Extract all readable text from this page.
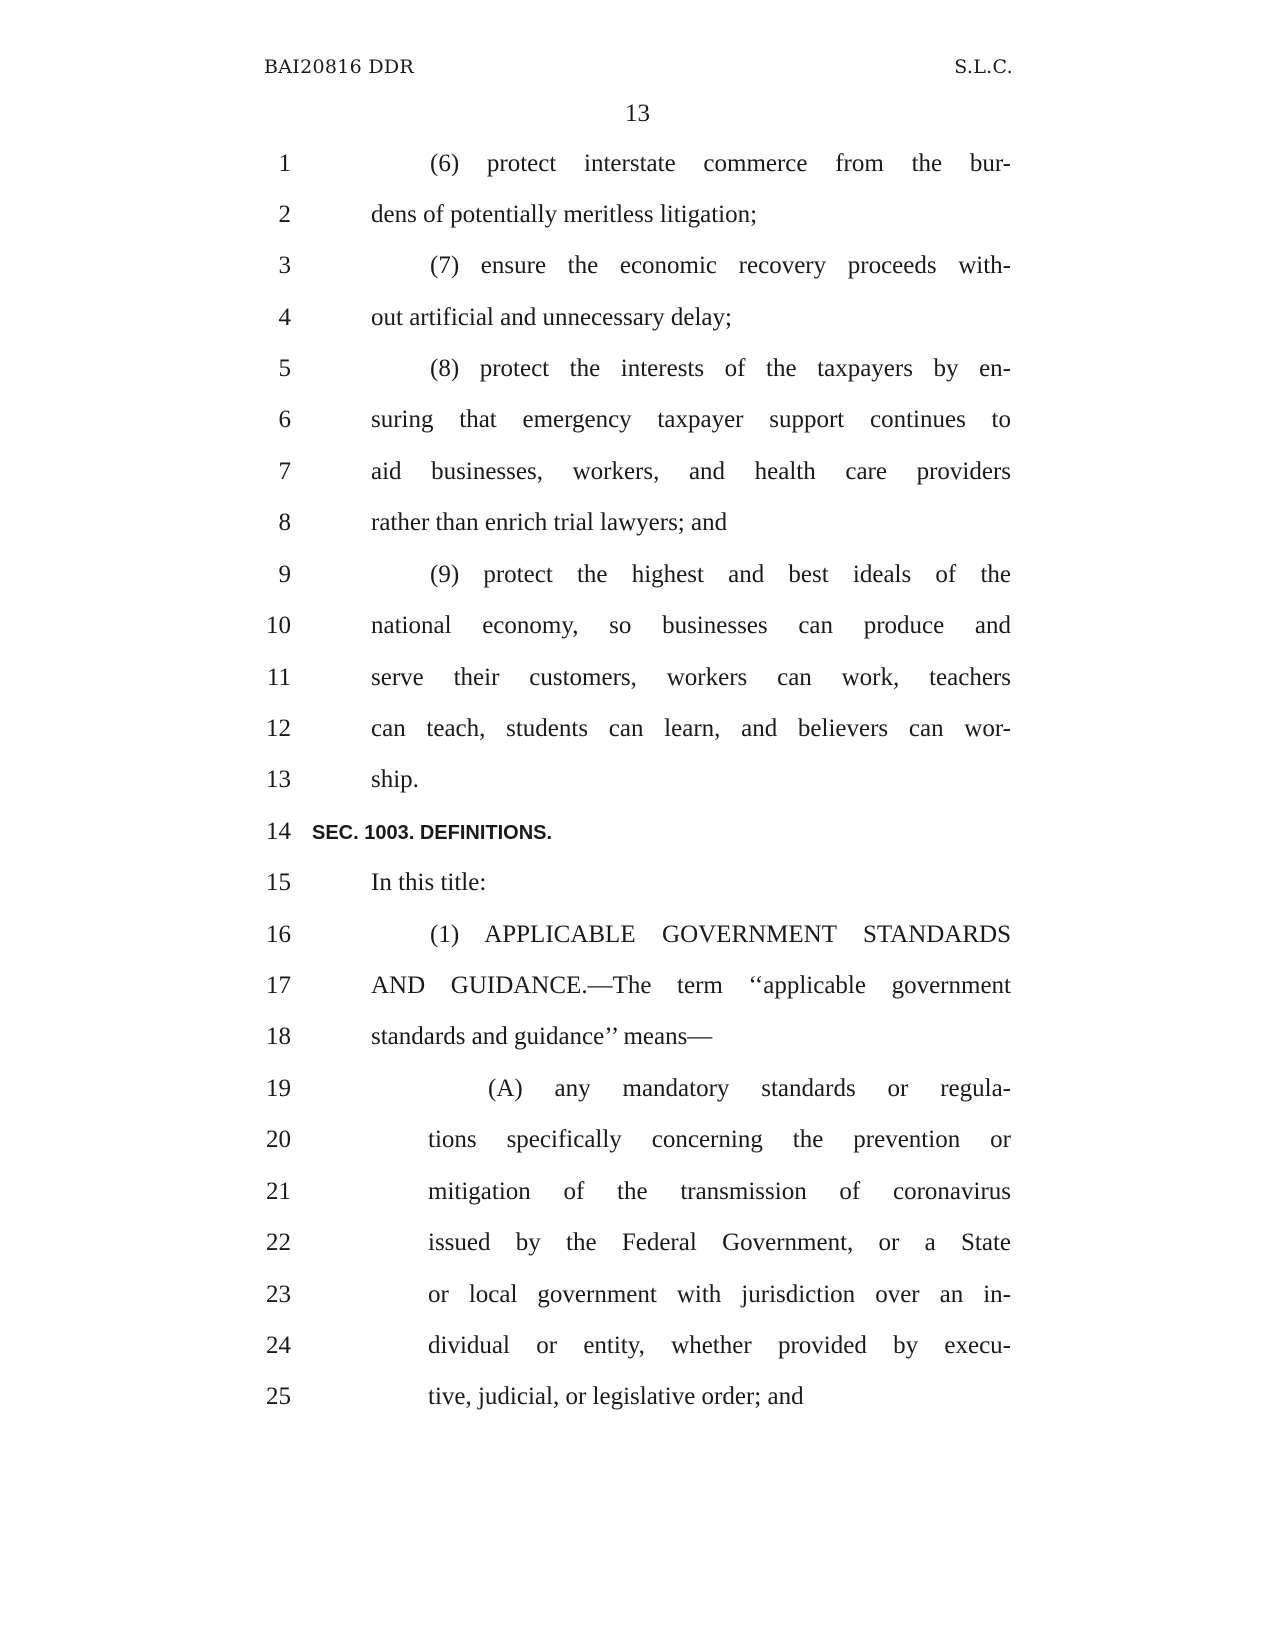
BAI20816 DDR	S.L.C.
13
1	(6) protect interstate commerce from the bur-
2	dens of potentially meritless litigation;
3	(7) ensure the economic recovery proceeds with-
4	out artificial and unnecessary delay;
5	(8) protect the interests of the taxpayers by en-
6	suring that emergency taxpayer support continues to
7	aid businesses, workers, and health care providers
8	rather than enrich trial lawyers; and
9	(9) protect the highest and best ideals of the
10	national economy, so businesses can produce and
11	serve their customers, workers can work, teachers
12	can teach, students can learn, and believers can wor-
13	ship.
14 SEC. 1003. DEFINITIONS.
15	In this title:
16	(1) APPLICABLE GOVERNMENT STANDARDS
17	AND GUIDANCE.—The term ‘‘applicable government
18	standards and guidance’’ means—
19	(A) any mandatory standards or regula-
20	tions specifically concerning the prevention or
21	mitigation of the transmission of coronavirus
22	issued by the Federal Government, or a State
23	or local government with jurisdiction over an in-
24	dividual or entity, whether provided by execu-
25	tive, judicial, or legislative order; and
